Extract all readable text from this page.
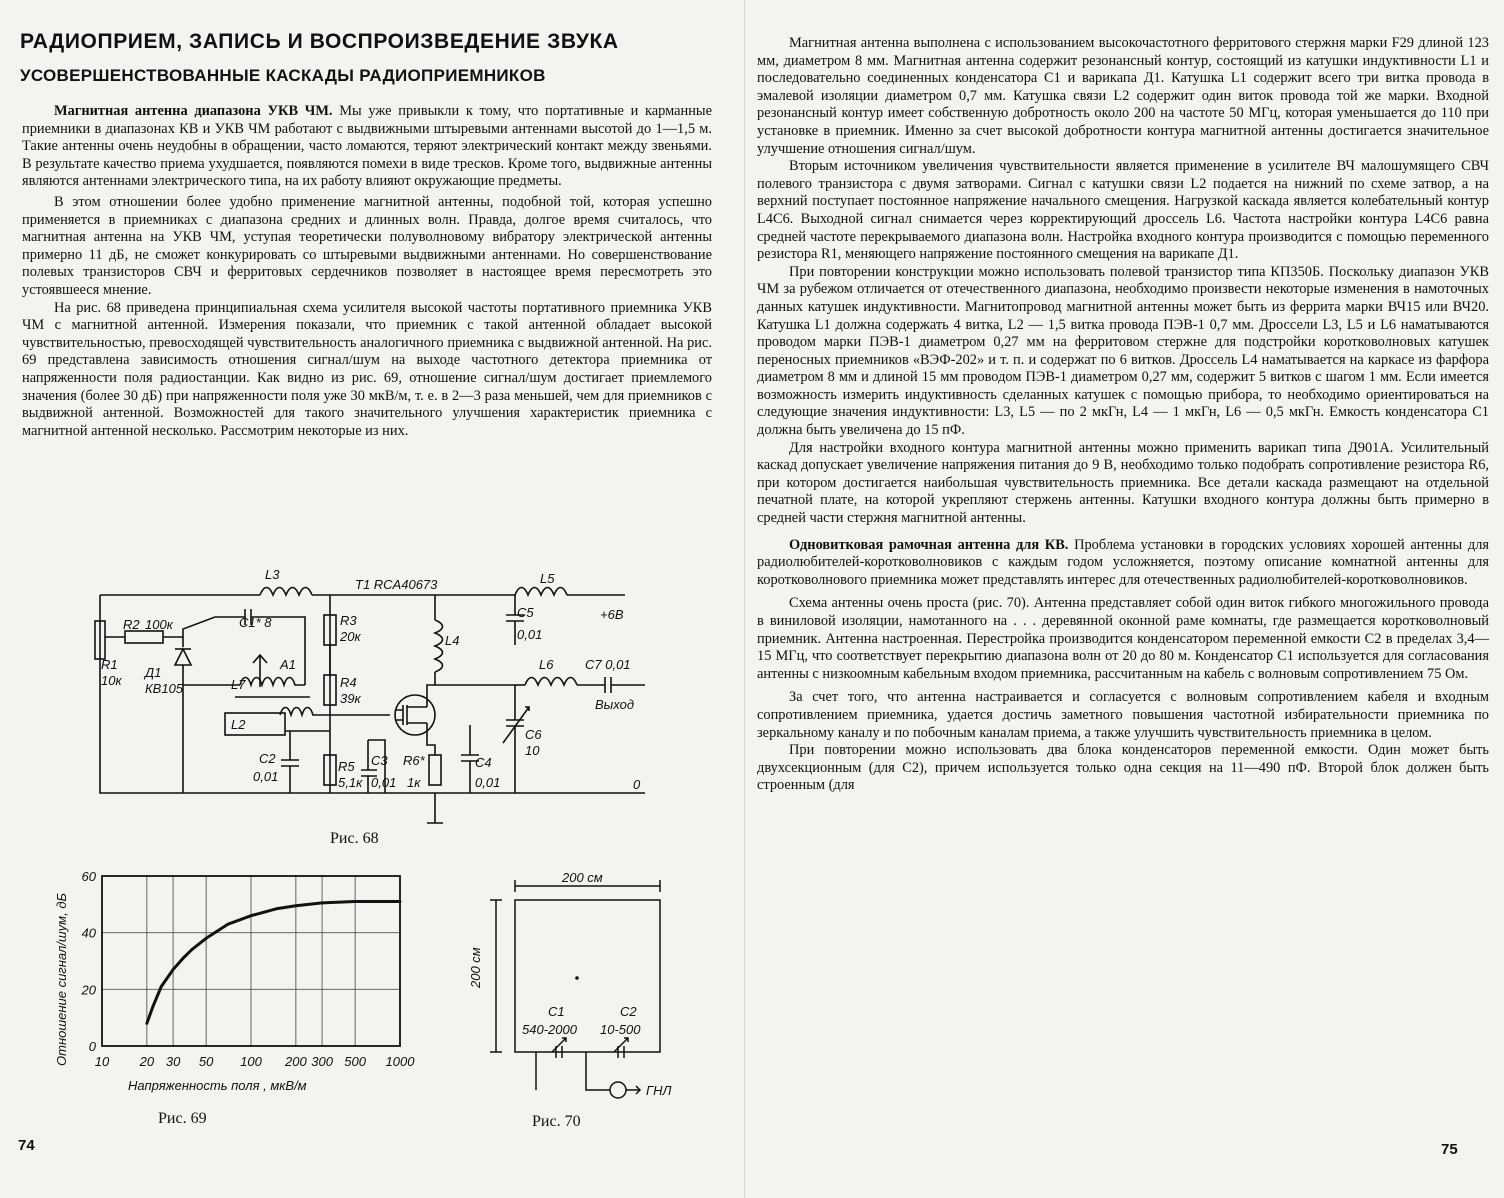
РАДИОПРИЕМ, ЗАПИСЬ И ВОСПРОИЗВЕДЕНИЕ ЗВУКА
УСОВЕРШЕНСТВОВАННЫЕ КАСКАДЫ РАДИОПРИЕМНИКОВ

Магнитная антенна диапазона УКВ ЧМ. Мы уже привыкли к тому, что портативные и карманные приемники в диапазонах КВ и УКВ ЧМ работают с выдвижными штыревыми антеннами высотой до 1—1,5 м. Такие антенны очень неудобны в обращении, часто ломаются, теряют электрический контакт между звеньями. В результате качество приема ухудшается, появляются помехи в виде тресков. Кроме того, выдвижные антенны являются антеннами электрического типа, на их работу влияют окружающие предметы.

В этом отношении более удобно применение магнитной антенны, подобной той, которая успешно применяется в приемниках с диапазона средних и длинных волн. Правда, долгое время считалось, что магнитная антенна на УКВ ЧМ, уступая теоретически полуволновому вибратору электрической антенны примерно 11 дБ, не сможет конкурировать со штыревыми выдвижными антеннами. Но совершенствование полевых транзисторов СВЧ и ферритовых сердечников позволяет в настоящее время пересмотреть это устоявшееся мнение.

На рис. 68 приведена принципиальная схема усилителя высокой частоты портативного приемника УКВ ЧМ с магнитной антенной. Измерения показали, что приемник с такой антенной обладает высокой чувствительностью, превосходящей чувствительность аналогичного приемника с выдвижной антенной. На рис. 69 представлена зависимость отношения сигнал/шум на выходе частотного детектора приемника от напряженности поля радиостанции. Как видно из рис. 69, отношение сигнал/шум достигает приемлемого значения (более 30 дБ) при напряженности поля уже 30 мкВ/м, т. е. в 2—3 раза меньшей, чем для приемников с выдвижной антенной. Возможностей для такого значительного улучшения характеристик приемника с магнитной антенной несколько. Рассмотрим некоторые из них.

L3
T1 RCA40673	L5
+6В
R2 100к	C1* 8	R3
20к
C5
0,01
L4
R1
10к
Д1
КВ105
A1
L7	R4
39к
L6 C7 0,01
Выход
L2
C6
10
C2
0,01
R5
5,1к
C3
0,01
R6*
1к
C4
0,01	0
Рис. 68
10 20 30 50 100 200 300 500 1000
0
20
40
60
Отношение сигнал/шум, дБ
Напряженность поля , мкВ/м
Рис. 69
200 см
200 см
С1
540-2000
С2
10-500
ГНЛ
Рис. 70
74

Магнитная антенна выполнена с использованием высокочастотного ферритового стержня марки F29 длиной 123 мм, диаметром 8 мм. Магнитная антенна содержит резонансный контур, состоящий из катушки индуктивности L1 и последовательно соединенных конденсатора C1 и варикапа Д1. Катушка L1 содержит всего три витка провода в эмалевой изоляции диаметром 0,7 мм. Катушка связи L2 содержит один виток провода той же марки. Входной резонансный контур имеет собственную добротность около 200 на частоте 50 МГц, которая уменьшается до 110 при установке в приемник. Именно за счет высокой добротности контура магнитной антенны достигается значительное улучшение отношения сигнал/шум.

Вторым источником увеличения чувствительности является применение в усилителе ВЧ малошумящего СВЧ полевого транзистора с двумя затворами. Сигнал с катушки связи L2 подается на нижний по схеме затвор, а на верхний поступает постоянное напряжение начального смещения. Нагрузкой каскада является колебательный контур L4C6. Выходной сигнал снимается через корректирующий дроссель L6. Частота настройки контура L4C6 равна средней частоте перекрываемого диапазона волн. Настройка входного контура производится с помощью переменного резистора R1, меняющего напряжение постоянного смещения на варикапе Д1.

При повторении конструкции можно использовать полевой транзистор типа КП350Б. Поскольку диапазон УКВ ЧМ за рубежом отличается от отечественного диапазона, необходимо произвести некоторые изменения в намоточных данных катушек индуктивности. Магнитопровод магнитной антенны может быть из феррита марки ВЧ15 или ВЧ20. Катушка L1 должна содержать 4 витка, L2 — 1,5 витка провода ПЭВ-1 0,7 мм. Дроссели L3, L5 и L6 наматываются проводом марки ПЭВ-1 диаметром 0,27 мм на ферритовом стержне для подстройки коротковолновых катушек переносных приемников «ВЭФ-202» и т. п. и содержат по 6 витков. Дроссель L4 наматывается на каркасе из фарфора диаметром 8 мм и длиной 15 мм проводом ПЭВ-1 диаметром 0,27 мм, содержит 5 витков с шагом 1 мм. Если имеется возможность измерить индуктивность сделанных катушек с помощью прибора, то необходимо ориентироваться на следующие значения индуктивности: L3, L5 — по 2 мкГн, L4 — 1 мкГн, L6 — 0,5 мкГн. Емкость конденсатора C1 должна быть увеличена до 15 пФ.

Для настройки входного контура магнитной антенны можно применить варикап типа Д901А. Усилительный каскад допускает увеличение напряжения питания до 9 В, необходимо только подобрать сопротивление резистора R6, при котором достигается наибольшая чувствительность приемника. Все детали каскада размещают на отдельной печатной плате, на которой укрепляют стержень антенны. Катушки входного контура должны быть примерно в средней части стержня магнитной антенны.

Одновитковая рамочная антенна для КВ. Проблема установки в городских условиях хорошей антенны для радиолюбителей-коротковолновиков с каждым годом усложняется, поэтому описание комнатной антенны для коротковолнового приемника может представлять интерес для отечественных радиолюбителей-коротковолновиков.

Схема антенны очень проста (рис. 70). Антенна представляет собой один виток гибкого многожильного провода в виниловой изоляции, намотанного на . . . деревянной оконной раме комнаты, где размещается коротковолновый приемник. Антенна настроенная. Перестройка производится конденсатором переменной емкости C2 в пределах 3,4—15 МГц, что соответствует перекрытию диапазона волн от 20 до 80 м. Конденсатор C1 используется для согласования антенны с низкоомным кабельным входом приемника, рассчитанным на кабель с волновым сопротивлением 75 Ом.

За счет того, что антенна настраивается и согласуется с волновым сопротивлением кабеля и входным сопротивлением приемника, удается достичь заметного повышения частотной избирательности приемника по зеркальному каналу и по побочным каналам приема, а также улучшить чувствительность приемника в целом.

При повторении можно использовать два блока конденсаторов переменной емкости. Один может быть двухсекционным (для C2), причем используется только одна секция на 11—490 пФ. Второй блок должен быть строенным (для

75
